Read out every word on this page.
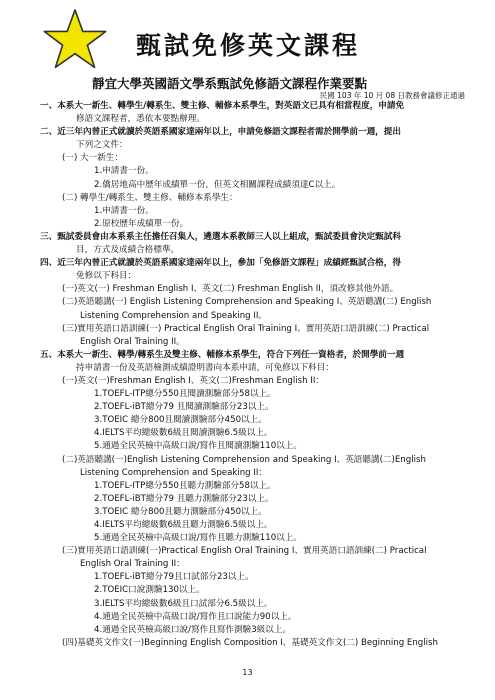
甄試免修英文課程
靜宜大學英國語文學系甄試免修語文課程作業要點
民國 103 年 10 月 08 日教務會議修正通過
一、本系大一新生、轉學生/轉系生、雙主修、輔修本系學生，對英語文已具有相當程度，申請免
修語文課程者，悉依本要點辦理。
二、近三年內曾正式就讀於英語系國家達兩年以上，申請免修語文課程者需於開學前一週，提出
下列之文件：
(一) 大一新生：
1.申請書一份。
2.僑居地高中歷年成績單一份，但英文相關課程成績須達C以上。
(二) 轉學生/轉系生、雙主修、輔修本系學生：
1.申請書一份。
2.原校歷年成績單一份。
三、甄試委員會由本系系主任擔任召集人，遴選本系教師三人以上組成，甄試委員會決定甄試科
目，方式及成績合格標準。
四、近三年內曾正式就讀於英語系國家達兩年以上，參加「免修語文課程」成績經甄試合格，得
免修以下科目：
(一)英文(一) Freshman English I、英文(二) Freshman English II，須改修其他外語。
(二)英語聽講(一) English Listening Comprehension and Speaking I、英語聽講(二) English
Listening Comprehension and Speaking II。
(三)實用英語口語訓練(一) Practical English Oral Training I、實用英語口語訓練(二) Practical
English Oral Training II。
五、本系大一新生、轉學/轉系生及雙主修、輔修本系學生，符合下列任一資格者，於開學前一週
持申請書一份及英語檢測成績證明書向本系申請，可免修以下科目：
(一)英文(一)Freshman English I、英文(二)Freshman English II：
1.TOEFL-ITP總分550且閱讀測驗部分58以上。
2.TOEFL-iBT總分79 且閱讀測驗部分23以上。
3.TOEIC 總分800且閱讀測驗部分450以上。
4.IELTS平均總級數6級且閱讀測驗6.5級以上。
5.通過全民英檢中高級口說/寫作且閱讀測驗110以上。
(二)英語聽講(一)English Listening Comprehension and Speaking I、英語聽講(二)English
Listening Comprehension and Speaking II：
1.TOEFL-ITP總分550且聽力測驗部分58以上。
2.TOEFL-iBT總分79 且聽力測驗部分23以上。
3.TOEIC 總分800且聽力測驗部分450以上。
4.IELTS平均總級數6級且聽力測驗6.5級以上。
5.通過全民英檢中高級口說/寫作且聽力測驗110以上。
(三)實用英語口語訓練(一)Practical English Oral Training I、實用英語口語訓練(二) Practical
English Oral Training II：
1.TOEFL-iBT總分79且口試部分23以上。
2.TOEIC口說測驗130以上。
3.IELTS平均總級數6級且口試部分6.5級以上。
4.通過全民英檢中高級口說/寫作且口說能力90以上。
4.通過全民英檢高級口說/寫作且寫作測驗3級以上。
(四)基礎英文作文(一)Beginning English Composition I、基礎英文作文(二) Beginning English
13
